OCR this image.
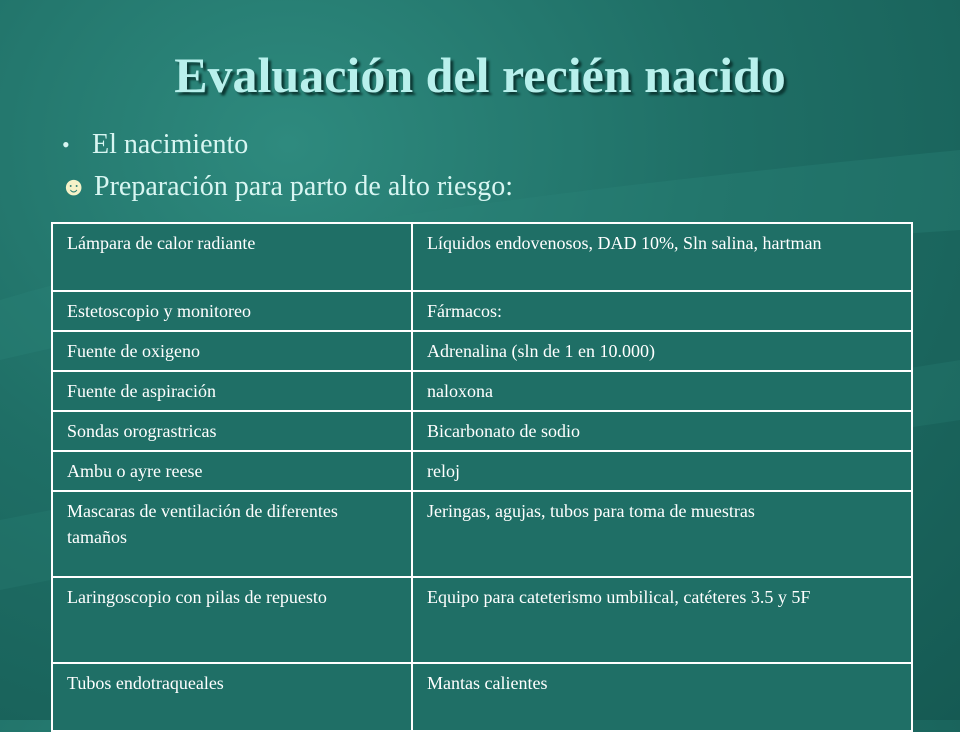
Evaluación del recién nacido
• El nacimiento
☻ Preparación para parto de alto riesgo:
Lámpara de calor radiante	Líquidos endovenosos, DAD 10%, Sln salina, hartman
Estetoscopio y monitoreo	Fármacos:
Fuente de oxigeno	Adrenalina (sln de 1 en 10.000)
Fuente de aspiración	naloxona
Sondas orograstricas	Bicarbonato de sodio
Ambu o ayre reese	reloj
Mascaras de ventilación de diferentes tamaños	Jeringas, agujas, tubos para toma de muestras
Laringoscopio con pilas de repuesto	Equipo para cateterismo umbilical, catéteres 3.5 y 5F
Tubos endotraqueales	Mantas calientes
